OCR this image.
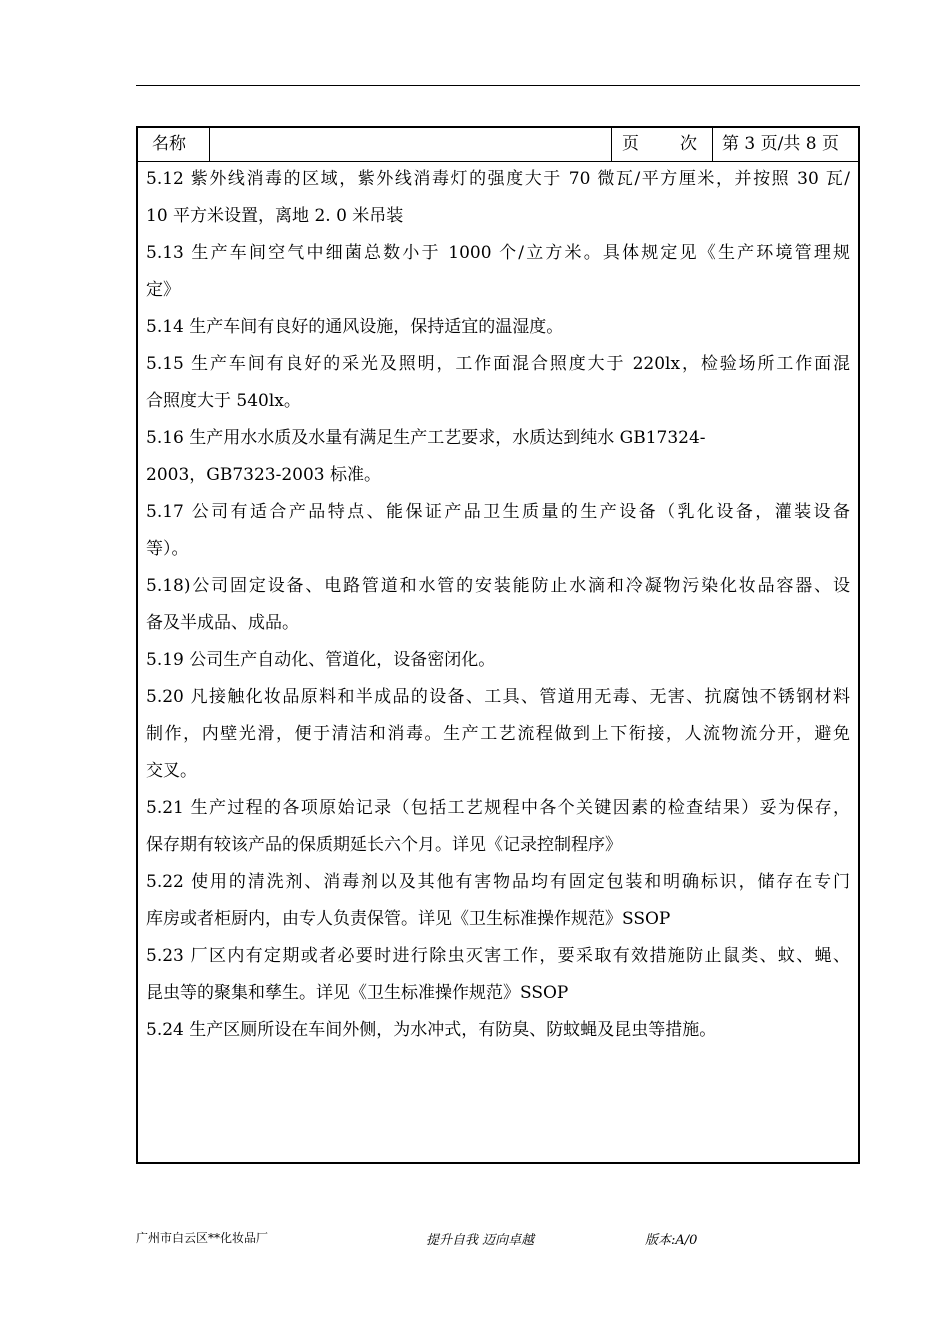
名称	页 次	第 3 页/共 8 页

5.12 紫外线消毒的区域，紫外线消毒灯的强度大于 70 微瓦/平方厘米，并按照 30 瓦/
10 平方米设置，离地 2. 0 米吊装

5.13 生产车间空气中细菌总数小于 1000 个/立方米。具体规定见《生产环境管理规
定》

5.14 生产车间有良好的通风设施，保持适宜的温湿度。

5.15 生产车间有良好的采光及照明，工作面混合照度大于 220lx，检验场所工作面混
合照度大于 540lx。

5.16 生产用水水质及水量有满足生产工艺要求，水质达到纯水 GB17324-
2003，GB7323-2003 标准。

5.17 公司有适合产品特点、能保证产品卫生质量的生产设备（乳化设备，灌装设备
等）。

5.18)公司固定设备、电路管道和水管的安装能防止水滴和冷凝物污染化妆品容器、设
备及半成品、成品。

5.19 公司生产自动化、管道化，设备密闭化。

5.20 凡接触化妆品原料和半成品的设备、工具、管道用无毒、无害、抗腐蚀不锈钢材料
制作，内壁光滑，便于清洁和消毒。生产工艺流程做到上下衔接，人流物流分开，避免
交叉。

5.21 生产过程的各项原始记录（包括工艺规程中各个关键因素的检查结果）妥为保存，
保存期有较该产品的保质期延长六个月。详见《记录控制程序》

5.22 使用的清洗剂、消毒剂以及其他有害物品均有固定包装和明确标识，储存在专门
库房或者柜厨内，由专人负责保管。详见《卫生标准操作规范》SSOP

5.23 厂区内有定期或者必要时进行除虫灭害工作，要采取有效措施防止鼠类、蚊、蝇、
昆虫等的聚集和孳生。详见《卫生标准操作规范》SSOP

5.24 生产区厕所设在车间外侧，为水冲式，有防臭、防蚊蝇及昆虫等措施。

广州市白云区**化妆品厂	提升自我 迈向卓越	版本:A/0
